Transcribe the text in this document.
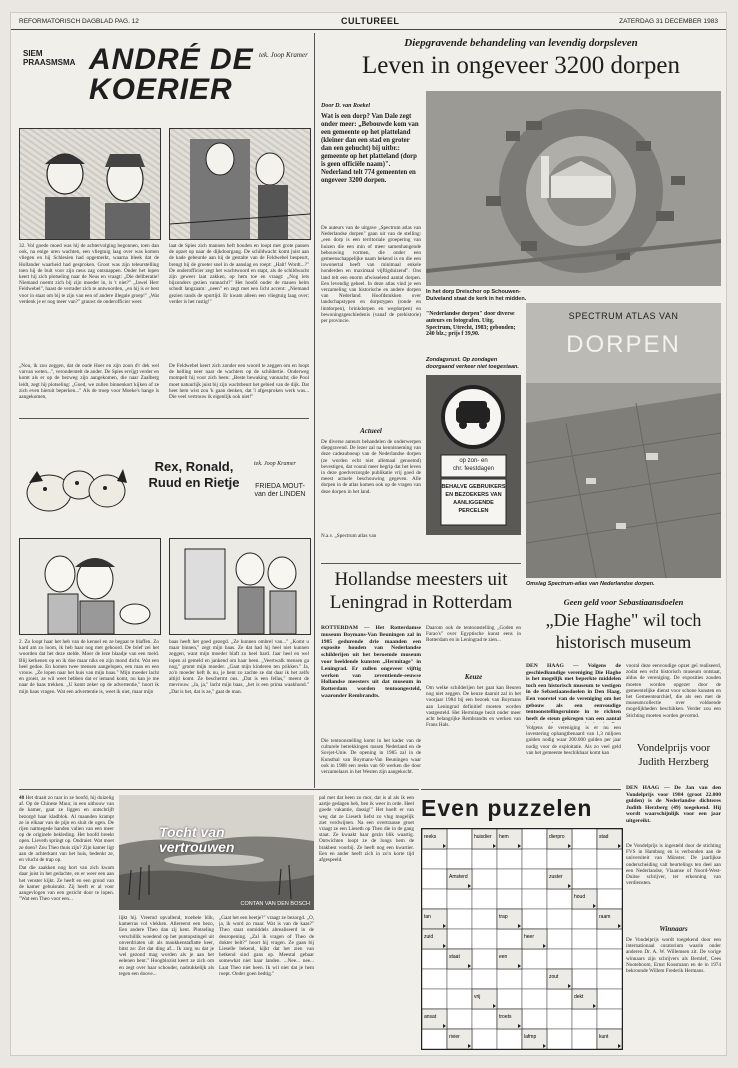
REFORMATORISCH DAGBLAD PAG. 12	CULTUREEL	ZATERDAG 31 DECEMBER 1983
SIEM PRAASMSMA ANDRÉ DE KOERIER
tek. Joop Kramer

32. Vol goede moed was hij de achtervolging begonnen, toen dan ook, na enige uren wachten, een vliegtuig laag over was komen vliegen en hij Schlesien had opgemerkt, waarna bleek dat de Hollander waarheid had gesproken. Groot was zijn teleurstelling toen hij de buit voor zijn neus zag ontsnappen. Onder het lopen keert hij zich plotseling naar de Neus en vraagt: „Die deliberatie! Niemand noemt zich bij zijn moeder in, is 't niet?" „Jawel Herr Feldwebel", haast de verrader zich te antwoorden, „en hij is er best voor in staat om bij te zijn van een of andere illegale groep!" „Wat verdenk je er nog meer van?" grauwt de onderofficier weer.

laat de Spies zich mannen heft houden en loopt met grote passen de opzet op naar de dijkdoorgang. De schildwacht komt juist aan de kade gebeurde aan hij de gestalte van de Feldwebel bespeurt, brengt hij de groeter snel in de aanslag en roept: „Halt! Wordt...?" De onderofficier zegt het wachtwoord en stapt, als de schildwacht zijn geweer laat zakken, op hem toe en vraagt: „Nog iets bijzonders gezien vannacht?" Het hoofd onder de mauen helm schudt langzaam: „neen" en zegt met een licht accent: „Niemand gezien rands de sportijd. Er kwam alleen een vliegtuig laag over; verder is het rustig!"

„Nou, ik zou zeggen, dat de oude Hoer en zijn zoon d'r dek wel varvan weten...", veronderstelt de ander. De Spies ervijgt verder en komt als er op de bezweg zijn aangekomen, die naar Zaalberg leidt, zegt hij plotseling: „Goed, we zullen binnenkort kijken of ze zich even hieruit beperken..." Als de troep voor Moeke's hange is aangekomen,

De Feldwebel keert zich zonder een woord te zeggen om en loopt de helling neer naar de wachters op de schildertie. Onderweg mompelt hij voor zich heen: „Beste bewaking vannacht; die Pool moet natuurlijk juist bij zijn wachtbeurt het gebied van de dijk. Dat heet hem wist zou 'k gaan denken, dat 'l afgesproken werk was... Die veel vertrouw ik eigenlijk ook niet!"

Rex, Ronald, Ruud en Rietje
tek. Joop Kramer
FRIEDA MOUT-van der LINDEN

2. Zo loopt haar het heb van de kennel en ze begaat te blaffen. Zo kard am zo loom, ik heb haar nog met gehoord. De brief zei het woorden dat het deze stelde. Moer de leze blaadje van een meld. Blij kerkenen op en ik doe maar niks en zijn mond dicht. Wat een heel gedoe. En komen twee mensen aangelopen, een man en een vrouw. „Ze lopen naar het huis van mijn baas." Mijn moeder lacht en groeit, ze wil weet hebben dat er iemand komt, nu kan je me naar de baas trekken. „U komt zeker op de advertentie," hoort ik mijn baas vragen. Wat een advertentie is, weet ik niet, maar mijn

baas heeft het goed gezegd. „Ze kunnen ombrel van..." „Komt u maar binnen," zegt mijn baas. Ze dat had hij heel niet kunnen zeggen, want mijn moeder blaft zo heel hard. Jaar heel en wel lopen al gemeld en jankend om haar heen. „Veertwalk mensen ga nog," gromt mijn moeder. „Gaat mijn kinderen ten prikken." Ja, zo'n moeder heft ik nu, je bent zo zachte ze dat daar ik het zelfs altijd komt. Ze beschermt ons. „Dat is een fellas," meent de mevrouw. „Ja, ja," lacht mijn baas, „het is een prima waakhond." „Dat is het, dat is ze," gaat de man.

48 Het draait zo raar in ze hoofd, hij duizelig af. Op de Chinese Muur, in een uitbouw van de kamer, gaat ze liggen en ontschrijft bezorgd haar kladblok. Al maanden krampt ze in elkaar van de pijn en sluit de ogen. De rijen natmegede handen valien van een meer op de originele bekleding. Het hoofd breekt open. Lieveth springt op. Ondraiet. Wat moet ze doen? Zou Theo thuis zijn? Zijn kamer ligt aan de achterkant van het huis, bedenkt ze, en vlucht de trap op.

Dat die zaakken nog hort van zich kwam daar juist in het gedachte, en er weer een aan het venster kijkt. Ze heeft en een grond van de kamer gehuisrakt. Zij heeft er al voor aangevlogen van een gezicht door te lopen. "Wat een Theo voor een...

Tocht van vertrouwen
CONTAN VAN DEN BOSCH

lijkt hij. Vreemd opvallend, troebele blik, kamerras vol vlekken. Allereerst een bezo, Een andere Theo dan zij kent. Plotseling verschillik woedend op het puntopstingel uit onverdriaten uit als maukkenstaflatte keer, bitst ze: Zet dat ding af... Ik zorg nu dat je wel gezond mag worden als je aan het eelenen bent." Hoogblozist keert ze zich om en zegt over haar schouder, nadrukkelijk als tegen een doove...

„Gaat het een beetje?" vraagt ze bezorgd. „O, ja, ik word zo maar. Wat is van de kaas?" Theo staat onmiddels abrealiseerd in de deuropening. „Zal ik vragen of Theo de dokter belt?" hoort hij vragen. Ze gaan bij Lieselle bekend, kijkt dat het zien van hetkend sind gans op. Meestal gebaar somewhat niet haar landen. ...Nee... nee... Laat Theo niet heen. Ik wil niet dat je hem roept. Onder goen bedtig."

pal met dat heen zo mor, dat is al als ik een aartje gedagen heb, ben ik weer in orde. Heel goede vakantie, dassig!" Het hoeft er van weg dat ze Lieseth liefst zo vlug mogelijk ziet verdwijnen. Na een overtraasse groet vraagt ze een Lieseth op Theo die in de gang staat. Ze kwaakt haar gezin blik waartig. Ontwichten loopt ze de longs hem de brakbest voorbij. Ze heeft nog een kwartier. Een en ander heeft zich in zo'n korte tijd afgespeeld.

Diepgravende behandeling van levendig dorpsleven
Leven in ongeveer 3200 dorpen
Door D. van Roekel
Wat is een dorp? Van Dale zegt onder meer: „Bebouwde kom van een gemeente op het platteland (kleiner dan een stad en groter dan een gehucht) bij uitbr.: gemeente op het platteland (dorp is geen officiële naam)". Nederland telt 774 gemeenten en ongeveer 3200 dorpen.

De auteurs van de uitgave „Spectrum atlas van Nederlandse dorpen" gaan uit van de stelling: „een dorp is een territoriale groepering van huizen die een min of meer samenhangende bebouwing vormen, die onder een gemeenschappelijke naam bekend is en die een inwonertal heeft van minimaal enkele honderden en maximaal vijftigduizend". Ons land telt een enorm afwisselend aantal dorpen. Een levendig geheel. In deze atlas vind je een verzameling van historische en andere dorpen van Nederland. Hoofdstukken over landschapstypen en dorpstypen (ronde en lintdorpen), brinkdorpen en wegdorpen) en bewoningsgeschiedenis (vanaf de prehistorie) per provincie.

In het dorp Dreischor op Schouwen-Duiveland staat de kerk in het midden.
"Nederlandse dorpen" door diverse auteurs en fotografen. Uitg. Spectrum, Utrecht, 1983; gebonden; 240 blz.; prijs f 39,90.
Zondagsrust. Op zondagen doorgaand verkeer niet toegestaan.
op zon- en
chr. feestdagen
BEHALVE GEBRUIKERS
EN BEZOEKERS VAN
AANLIGGENDE
PERCELEN
Actueel

De diverse auteurs behandelen de onderwerpen diepgravend. De lezer zal na kennisneming van deze cadeauboeup van de Nederlandse dorpen (ze worden echt niet allemaal genoemd) bevestigen, dat vooral meer begrip dat het leven in deze goedverzorgde publikatie vrij goed de meest actuele beschouwing gegeven. Alle dorpen in de atlas komen ook op de vragen van deze dorpen in het land.

N.a.v. „Spectrum atlas van

SPECTRUM ATLAS VAN
DORPEN
Omslag Spectrum-atlas van Nederlandse dorpen.
Hollandse meesters uit Leningrad in Rotterdam
ROTTERDAM — Het Rotterdamse museum Boymans-Van Beuningen zal in 1985 gedurende drie maanden een exposite houden van Nederlandse schilderijen uit het beroemde museum voor beeldende kunsten „Hermitage" in Leningrad. Er zullen ongeveer vijftig werken van zeventiende-eeuwse Hollandse meesters uit dat museum in Rotterdam worden tentoongesteld, waaronder Rembrandts.

Die tentoonstelling komt in het kader van de culturele betrekkingen tussen Nederland en de Sovjet-Unie. De opening in 1985 zal in de Kunsthal van Boymans-Van Beuningen waar ook in 1988 een reeks van 60 werken die door verzamelaars in het Westen zijn aangekocht.

Daarom ook de tentoonstelling „Goden en Farao's" over Egyptische kunst eens in Rotterdam en in Leningrad te zien...

Keuze

Om welke schilderijen het gaat kan Beuren nog niet zeggen. De keuze daaruit zal in het voorjaar 1984 bij een bezoek van Boymans aan Leningrad definitief moeten worden vastgesteld. Het Hermitage bezit onder meer acht belangrijke Rembrandts en werken van Frans Hals.

Geen geld voor Sebastiaansdoelen
„Die Haghe" wil toch historisch museum
DEN HAAG — Volgens de geschiedkundige vereniging Die Haghe is het mogelijk met beperkte middelen toch een historisch museum te vestigen in de Sebastiaansdoelen in Den Haag. Een voorstel van de vereniging om het gebouw als een eenvoudige tentoonstellingsruimte in te richten heeft de steun gekregen van een aantal

Volgens de vereniging is er nu een investering ophangtbenaard van 1,3 miljoen gulden nodig waar 200.000 gulden per jaar nodig voor de exploitatie. Als zo veel geld van het gemeente beschikbaar komt kan

vooral deze eenvoudige opzet geï realiseerd, zodat een echt historisch museum ontstaat, aldus de vereniging. De exposities zouden moeten worden opgezet door de gemeentelijke dienst voor schone kunsten en het Gemeentearchief, die als een met de museumcollectie over voldoende mogelijkheden beschikken. Verder zou een Stichting moeten worden gevormd.

Vondelprijs voor Judith Herzberg
DEN HAAG — De Jan van den Vondelprijs voor 1984 (groot 22.000 gulden) is de Nederlandse dichteres Judith Herzberg (49) toegekend. Hij wordt waarschijnlijk voor een jaar uitgereikt.

De Vondelprijs is ingesteld door de stichting FVS in Hamburg en is verbonden aan de universiteit van Münster. De jaarlijkse onderscheiding valt beurtelings ten deel aan een Nederlandse, Vlaamse of Noord-West-Duitse schrijver, ter erkenning van verdiensten.

Winnaars

De Vondelprijs wordt toegekend door een internationaal curatorium waarin onder anderen Dr. A. W. Willemsen zit. De vorige winnaars zijn schrijvers als Bernlef, Cees Nooteboom, Ernst Kossmann en de in 1974 bekroonde Willem Frederik Hermans.

Even puzzelen
reeks	huisdier hem	dierpro	stad
Amsterd
houd
tan	trap	raam
zuid	heer
staat
zout
vrij	dekt
ansat	troets
lafmp	kunt
rivier
zuster
een
